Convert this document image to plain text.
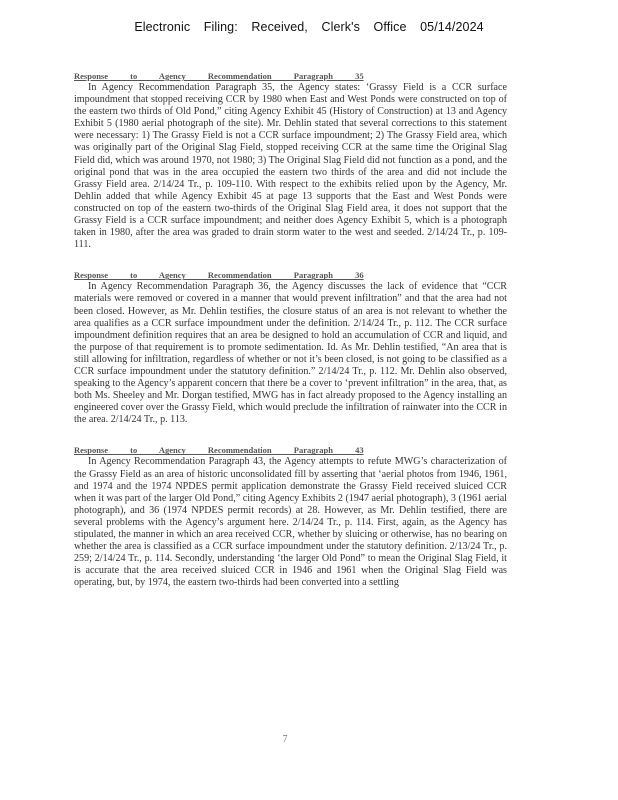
Electronic Filing: Received, Clerk's Office 05/14/2024
Response to Agency Recommendation Paragraph 35

In Agency Recommendation Paragraph 35, the Agency states: ‘Grassy Field is a CCR surface impoundment that stopped receiving CCR by 1980 when East and West Ponds were constructed on top of the eastern two thirds of Old Pond,” citing Agency Exhibit 45 (History of Construction) at 13 and Agency Exhibit 5 (1980 aerial photograph of the site). Mr. Dehlin stated that several corrections to this statement were necessary: 1) The Grassy Field is not a CCR surface impoundment; 2) The Grassy Field area, which was originally part of the Original Slag Field, stopped receiving CCR at the same time the Original Slag Field did, which was around 1970, not 1980; 3) The Original Slag Field did not function as a pond, and the original pond that was in the area occupied the eastern two thirds of the area and did not include the Grassy Field area. 2/14/24 Tr., p. 109-110. With respect to the exhibits relied upon by the Agency, Mr. Dehlin added that while Agency Exhibit 45 at page 13 supports that the East and West Ponds were constructed on top of the eastern two-thirds of the Original Slag Field area, it does not support that the Grassy Field is a CCR surface impoundment; and neither does Agency Exhibit 5, which is a photograph taken in 1980, after the area was graded to drain storm water to the west and seeded. 2/14/24 Tr., p. 109-111.

Response to Agency Recommendation Paragraph 36

In Agency Recommendation Paragraph 36, the Agency discusses the lack of evidence that “CCR materials were removed or covered in a manner that would prevent infiltration” and that the area had not been closed. However, as Mr. Dehlin testifies, the closure status of an area is not relevant to whether the area qualifies as a CCR surface impoundment under the definition. 2/14/24 Tr., p. 112. The CCR surface impoundment definition requires that an area be designed to hold an accumulation of CCR and liquid, and the purpose of that requirement is to promote sedimentation. Id. As Mr. Dehlin testified, “An area that is still allowing for infiltration, regardless of whether or not it’s been closed, is not going to be classified as a CCR surface impoundment under the statutory definition.” 2/14/24 Tr., p. 112. Mr. Dehlin also observed, speaking to the Agency’s apparent concern that there be a cover to ‘prevent infiltration” in the area, that, as both Ms. Sheeley and Mr. Dorgan testified, MWG has in fact already proposed to the Agency installing an engineered cover over the Grassy Field, which would preclude the infiltration of rainwater into the CCR in the area. 2/14/24 Tr., p. 113.

Response to Agency Recommendation Paragraph 43

In Agency Recommendation Paragraph 43, the Agency attempts to refute MWG’s characterization of the Grassy Field as an area of historic unconsolidated fill by asserting that ‘aerial photos from 1946, 1961, and 1974 and the 1974 NPDES permit application demonstrate the Grassy Field received sluiced CCR when it was part of the larger Old Pond,” citing Agency Exhibits 2 (1947 aerial photograph), 3 (1961 aerial photograph), and 36 (1974 NPDES permit records) at 28. However, as Mr. Dehlin testified, there are several problems with the Agency’s argument here. 2/14/24 Tr., p. 114. First, again, as the Agency has stipulated, the manner in which an area received CCR, whether by sluicing or otherwise, has no bearing on whether the area is classified as a CCR surface impoundment under the statutory definition. 2/13/24 Tr., p. 259; 2/14/24 Tr., p. 114. Secondly, understanding ‘the larger Old Pond” to mean the Original Slag Field, it is accurate that the area received sluiced CCR in 1946 and 1961 when the Original Slag Field was operating, but, by 1974, the eastern two-thirds had been converted into a settling

7
